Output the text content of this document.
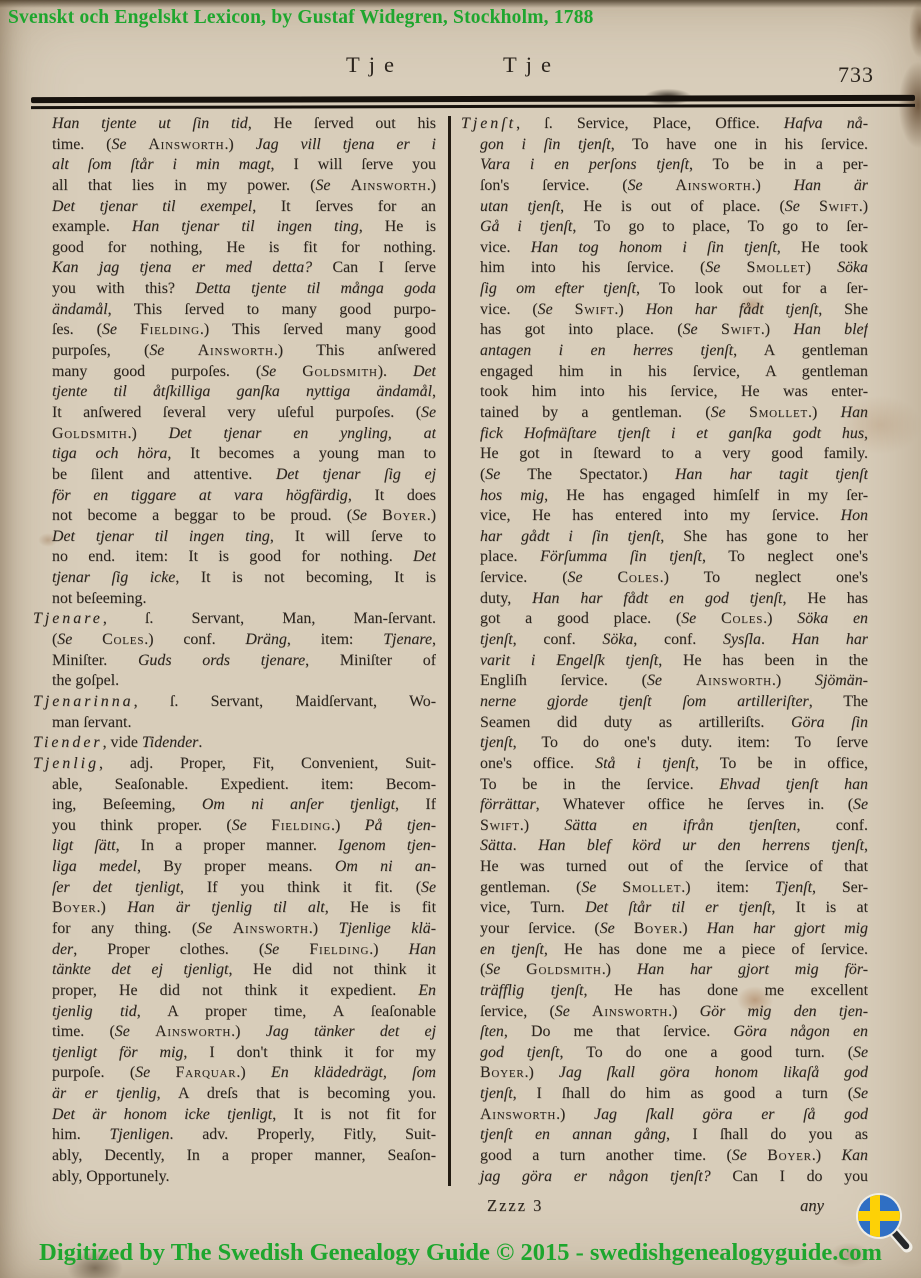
Svenskt och Engelskt Lexicon, by Gustaf Widegren, Stockholm, 1788
Tje	Tje	733
Han tjente ut ſin tid, He ſerved out his
time. (Se Ainsworth.) Jag vill tjena er i
alt ſom ſtår i min magt, I will ſerve you
all that lies in my power. (Se Ainsworth.)
Det tjenar til exempel, It ſerves for an
example. Han tjenar til ingen ting, He is
good for nothing, He is fit for nothing.
Kan jag tjena er med detta? Can I ſerve
you with this? Detta tjente til många goda
ändamål, This ſerved to many good purpo-
ſes. (Se Fielding.) This ſerved many good
purpoſes, (Se Ainsworth.) This anſwered
many good purpoſes. (Se Goldsmith). Det
tjente til åtſkilliga ganſka nyttiga ändamål,
It anſwered ſeveral very uſeful purpoſes. (Se
Goldsmith.) Det tjenar en yngling, at
tiga och höra, It becomes a young man to
be ſilent and attentive. Det tjenar ſig ej
för en tiggare at vara högfärdig, It does
not become a beggar to be proud. (Se Boyer.)
Det tjenar til ingen ting, It will ſerve to
no end. item: It is good for nothing. Det
tjenar ſig icke, It is not becoming, It is
not beſeeming.
Tjenare, ſ. Servant, Man, Man-ſervant.
(Se Coles.) conf. Dräng, item: Tjenare,
Miniſter. Guds ords tjenare, Miniſter of
the goſpel.
Tjenarinna, ſ. Servant, Maidſervant, Wo-
man ſervant.
Tiender, vide Tidender.
Tjenlig, adj. Proper, Fit, Convenient, Suit-
able, Seaſonable. Expedient. item: Becom-
ing, Beſeeming, Om ni anſer tjenligt, If
you think proper. (Se Fielding.) På tjen-
ligt ſätt, In a proper manner. Igenom tjen-
liga medel, By proper means. Om ni an-
ſer det tjenligt, If you think it fit. (Se
Boyer.) Han är tjenlig til alt, He is fit
for any thing. (Se Ainsworth.) Tjenlige klä-
der, Proper clothes. (Se Fielding.) Han
tänkte det ej tjenligt, He did not think it
proper, He did not think it expedient. En
tjenlig tid, A proper time, A ſeaſonable
time. (Se Ainsworth.) Jag tänker det ej
tjenligt för mig, I don't think it for my
purpoſe. (Se Farquar.) En klädedrägt, ſom
är er tjenlig, A dreſs that is becoming you.
Det är honom icke tjenligt, It is not fit for
him. Tjenligen. adv. Properly, Fitly, Suit-
ably, Decently, In a proper manner, Seaſon-
ably, Opportunely.
Tjenſt, ſ. Service, Place, Office. Hafva nå-
gon i ſin tjenſt, To have one in his ſervice.
Vara i en perſons tjenſt, To be in a per-
ſon's ſervice. (Se Ainsworth.) Han är
utan tjenſt, He is out of place. (Se Swift.)
Gå i tjenſt, To go to place, To go to ſer-
vice. Han tog honom i ſin tjenſt, He took
him into his ſervice. (Se Smollet) Söka
ſig om efter tjenſt, To look out for a ſer-
vice. (Se Swift.) Hon har fådt tjenſt, She
has got into place. (Se Swift.) Han blef
antagen i en herres tjenſt, A gentleman
engaged him in his ſervice, A gentleman
took him into his ſervice, He was enter-
tained by a gentleman. (Se Smollet.) Han
fick Hofmäſtare tjenſt i et ganſka godt hus,
He got in ſteward to a very good family.
(Se The Spectator.) Han har tagit tjenſt
hos mig, He has engaged himſelf in my ſer-
vice, He has entered into my ſervice. Hon
har gådt i ſin tjenſt, She has gone to her
place. Förſumma ſin tjenſt, To neglect one's
ſervice. (Se Coles.) To neglect one's
duty, Han har fådt en god tjenſt, He has
got a good place. (Se Coles.) Söka en
tjenſt, conf. Söka, conf. Sysſla. Han har
varit i Engelſk tjenſt, He has been in the
Engliſh ſervice. (Se Ainsworth.) Sjömän-
nerne gjorde tjenſt ſom artilleriſter, The
Seamen did duty as artilleriſts. Göra ſin
tjenſt, To do one's duty. item: To ſerve
one's office. Stå i tjenſt, To be in office,
To be in the ſervice. Ehvad tjenſt han
förrättar, Whatever office he ſerves in. (Se
Swift.) Sätta en ifrån tjenſten, conf.
Sätta. Han blef körd ur den herrens tjenſt,
He was turned out of the ſervice of that
gentleman. (Se Smollet.) item: Tjenſt, Ser-
vice, Turn. Det ſtår til er tjenſt, It is at
your ſervice. (Se Boyer.) Han har gjort mig
en tjenſt, He has done me a piece of ſervice.
(Se Goldsmith.) Han har gjort mig för-
träfflig tjenſt, He has done me excellent
ſervice, (Se Ainsworth.) Gör mig den tjen-
ſten, Do me that ſervice. Göra någon en
god tjenſt, To do one a good turn. (Se
Boyer.) Jag ſkall göra honom likaſå god
tjenſt, I ſhall do him as good a turn (Se
Ainsworth.) Jag ſkall göra er ſå god
tjenſt en annan gång, I ſhall do you as
good a turn another time. (Se Boyer.) Kan
jag göra er någon tjenſt? Can I do you
Zzzz 3	any
Digitized by The Swedish Genealogy Guide © 2015 - swedishgenealogyguide.com
